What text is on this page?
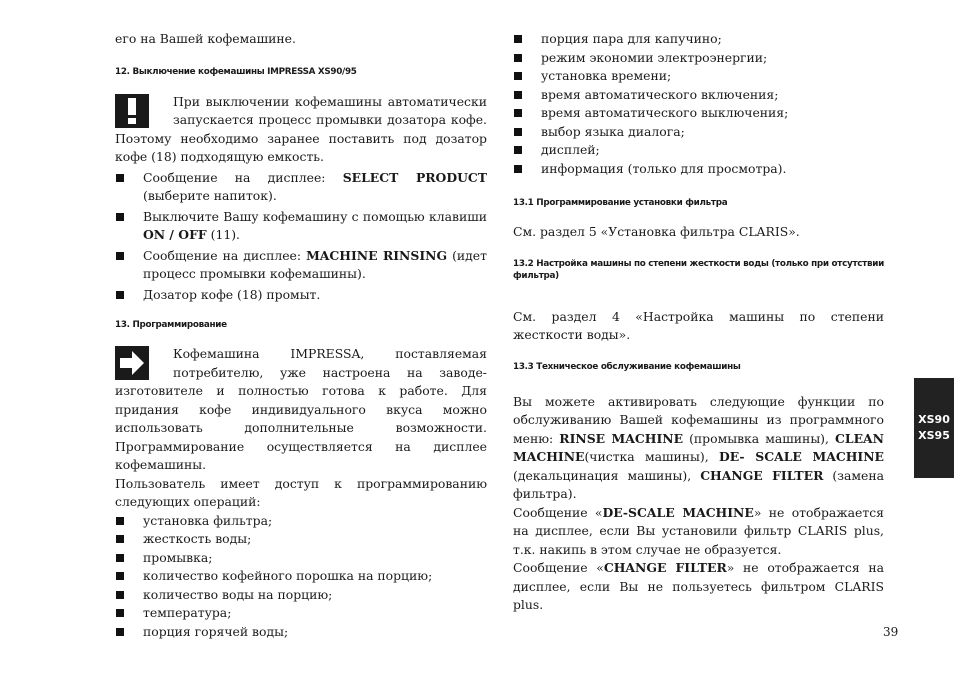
его на Вашей кофемашине.

12. Выключение кофемашины IMPRESSA XS90/95

При выключении кофемашины автоматически запускается процесс промывки дозатора кофе. Поэтому необходимо заранее поставить под дозатор кофе (18) подходящую емкость.

Сообщение на дисплее: SELECT PRODUCT (выберите напиток).

Выключите Вашу кофемашину с помощью клавиши ON / OFF (11).

Сообщение на дисплее: MACHINE RINSING (идет процесс промывки кофемашины).

Дозатор кофе (18) промыт.

13. Программирование

Кофемашина IMPRESSA, поставляемая потребителю, уже настроена на заводе-изготовителе и полностью готова к работе. Для придания кофе индивидуального вкуса можно использовать дополнительные возможности. Программирование осуществляется на дисплее кофемашины.

Пользователь имеет доступ к программированию следующих операций:

установка фильтра;

жесткость воды;

промывка;

количество кофейного порошка на порцию;

количество воды на порцию;

температура;

порция горячей воды;

порция пара для капучино;

режим экономии электроэнергии;

установка времени;

время автоматического включения;

время автоматического выключения;

выбор языка диалога;

дисплей;

информация (только для просмотра).

13.1 Программирование установки фильтра

См. раздел 5 «Установка фильтра CLARIS».

13.2 Настройка машины по степени жесткости воды (только при отсутствии фильтра)

См. раздел 4 «Настройка машины по степени жесткости воды».

13.3 Техническое обслуживание кофемашины

Вы можете активировать следующие функции по обслуживанию Вашей кофемашины из программного меню: RINSE MACHINE (промывка машины), CLEAN MACHINE(чистка машины), DE- SCALE MACHINE (декальцинация машины), CHANGE FILTER (замена фильтра).

Сообщение «DE-SCALE MACHINE» не отображается на дисплее, если Вы установили фильтр CLARIS plus, т.к. накипь в этом случае не образуется.

Сообщение «CHANGE FILTER» не отображается на дисплее, если Вы не пользуетесь фильтром CLARIS plus.

39
XS90
XS95
